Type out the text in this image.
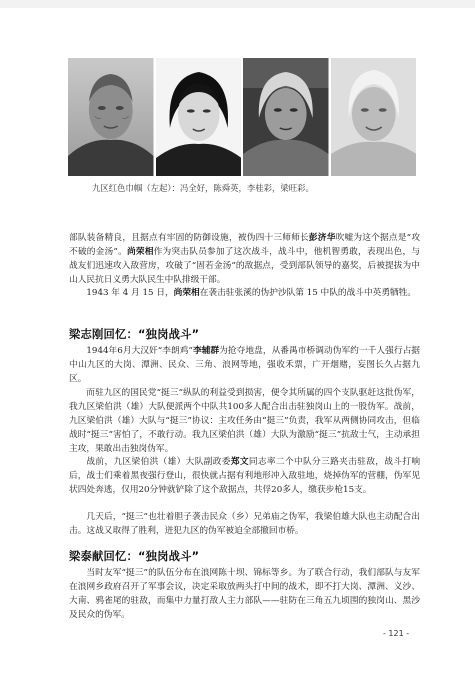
九区红色巾帼（左起）：冯全好，陈舜英，李桂彩，梁旺彩。
部队装备精良，且据点有牢固的防御设施，被伪四十三师师长彭济华吹嘘为这个据点是“攻不破的金汤”。尚荣相作为突击队员参加了这次战斗，战斗中，他机智勇敢，表现出色，与战友们迅速攻入敌营房，攻破了“固若金汤”的敌据点，受到部队领导的嘉奖，后被提拔为中山人民抗日义勇大队民生中队排级干部。
1943 年 4 月 15 日，尚荣相在袭击驻张溪的伪护沙队第 15 中队的战斗中英勇牺牲。
梁志刚回忆：“独岗战斗”
1944年6月大汉奸“李朗鸡”李辅群为抢夺地盘，从番禺市桥调动伪军约一千人强行占据中山九区的大岗、潭洲、民众、三角、浪网等地，强收禾票，广开烟赌，妄图长久占据九区。
而驻九区的国民党“挺三”纵队的利益受到损害，便令其所属的四个支队驱赶这批伪军，我九区梁伯洪（雄）大队便派两个中队共100多人配合出击驻独岗山上的一股伪军。战前，九区梁伯洪（雄）大队与“挺三”协议：主攻任务由“挺三”负责，我军从两侧协同攻击，但临战时“挺三”害怕了，不敢行动。我九区梁伯洪（雄）大队为激励“挺三”抗敌士气，主动承担主攻，果敢出击独岗伪军。
战前，九区梁伯洪（雄）大队副政委郑文同志率二个中队分三路夹击驻敌，战斗打响后，战士们乘着黑夜强行登山，很快就占据有利地形冲入敌驻地，烧掉伪军的营棚，伪军见状四处奔逃，仅用20分钟就铲除了这个敌据点，共俘20多人，缴获步枪15支。
几天后，“挺三”也壮着胆子袭击民众（乡）兄弟庙之伪军，我梁伯雄大队也主动配合出击。这战又取得了胜利，迸犯九区的伪军被迫全部撤回市桥。
梁泰献回忆：“独岗战斗”
当时友军“挺三”的队伍分布在浪网陈十坝、锦标等乡。为了联合行动，我们部队与友军在浪网乡政府召开了军事会议，决定采取放两头打中间的战术，即不打大岗、潭洲、义沙、大南、鸦雀尾的驻敌，而集中力量打敌人主力部队——驻防在三角五九顷围的独岗山、黑沙及民众的伪军。
- 121 -
